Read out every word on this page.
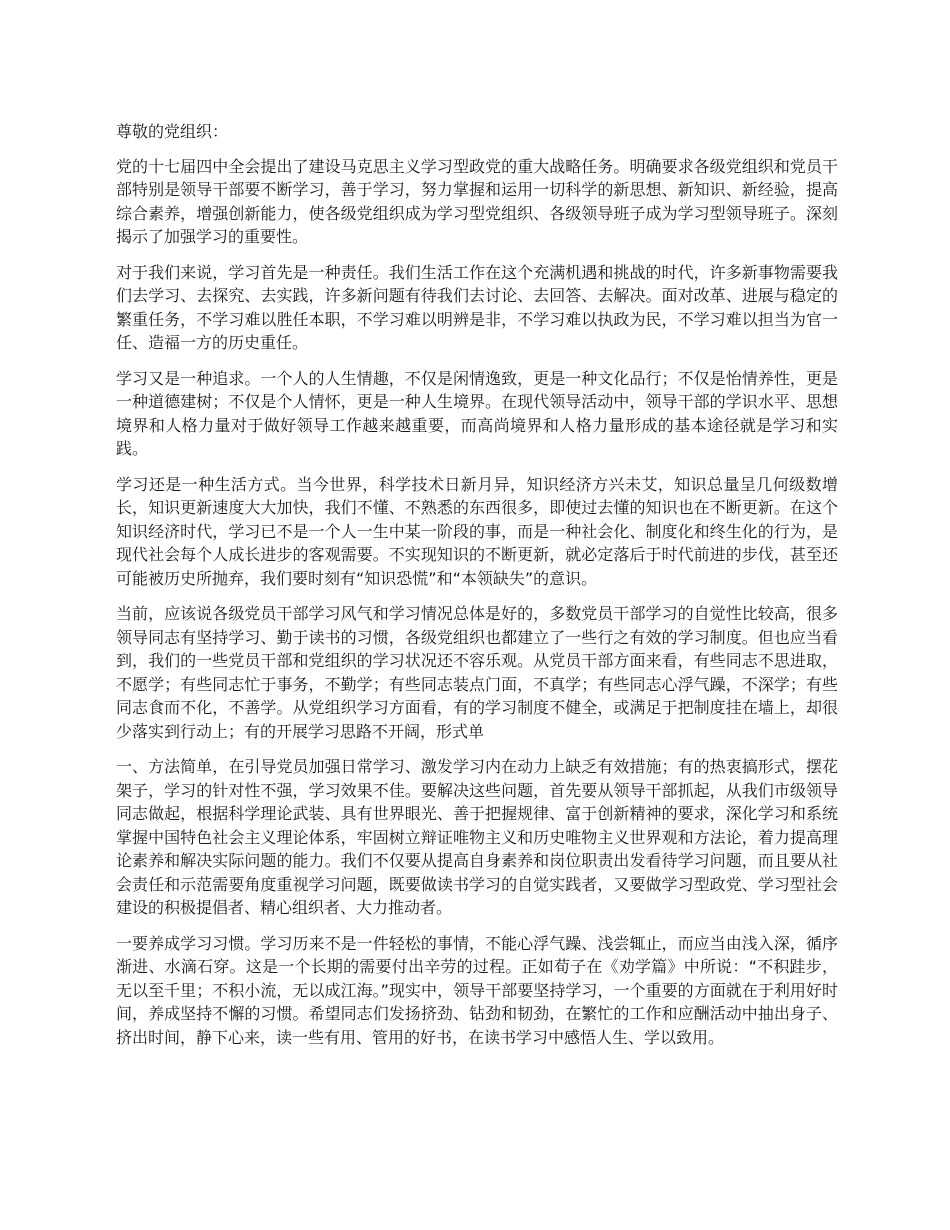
尊敬的党组织：

党的十七届四中全会提出了建设马克思主义学习型政党的重大战略任务。明确要求各级党组织和党员干部特别是领导干部要不断学习，善于学习，努力掌握和运用一切科学的新思想、新知识、新经验，提高综合素养，增强创新能力，使各级党组织成为学习型党组织、各级领导班子成为学习型领导班子。深刻揭示了加强学习的重要性。

对于我们来说，学习首先是一种责任。我们生活工作在这个充满机遇和挑战的时代，许多新事物需要我们去学习、去探究、去实践，许多新问题有待我们去讨论、去回答、去解决。面对改革、进展与稳定的繁重任务，不学习难以胜任本职，不学习难以明辨是非，不学习难以执政为民，不学习难以担当为官一任、造福一方的历史重任。

学习又是一种追求。一个人的人生情趣，不仅是闲情逸致，更是一种文化品行；不仅是怡情养性，更是一种道德建树；不仅是个人情怀，更是一种人生境界。在现代领导活动中，领导干部的学识水平、思想境界和人格力量对于做好领导工作越来越重要，而高尚境界和人格力量形成的基本途径就是学习和实践。

学习还是一种生活方式。当今世界，科学技术日新月异，知识经济方兴未艾，知识总量呈几何级数增长，知识更新速度大大加快，我们不懂、不熟悉的东西很多，即使过去懂的知识也在不断更新。在这个知识经济时代，学习已不是一个人一生中某一阶段的事，而是一种社会化、制度化和终生化的行为，是现代社会每个人成长进步的客观需要。不实现知识的不断更新，就必定落后于时代前进的步伐，甚至还可能被历史所抛弃，我们要时刻有“知识恐慌”和“本领缺失”的意识。

当前，应该说各级党员干部学习风气和学习情况总体是好的，多数党员干部学习的自觉性比较高，很多领导同志有坚持学习、勤于读书的习惯，各级党组织也都建立了一些行之有效的学习制度。但也应当看到，我们的一些党员干部和党组织的学习状况还不容乐观。从党员干部方面来看，有些同志不思进取，不愿学；有些同志忙于事务，不勤学；有些同志装点门面，不真学；有些同志心浮气躁，不深学；有些同志食而不化，不善学。从党组织学习方面看，有的学习制度不健全，或满足于把制度挂在墙上，却很少落实到行动上；有的开展学习思路不开阔，形式单

一、方法简单，在引导党员加强日常学习、激发学习内在动力上缺乏有效措施；有的热衷搞形式，摆花架子，学习的针对性不强，学习效果不佳。要解决这些问题，首先要从领导干部抓起，从我们市级领导同志做起，根据科学理论武装、具有世界眼光、善于把握规律、富于创新精神的要求，深化学习和系统掌握中国特色社会主义理论体系，牢固树立辩证唯物主义和历史唯物主义世界观和方法论，着力提高理论素养和解决实际问题的能力。我们不仅要从提高自身素养和岗位职责出发看待学习问题，而且要从社会责任和示范需要角度重视学习问题，既要做读书学习的自觉实践者，又要做学习型政党、学习型社会建设的积极提倡者、精心组织者、大力推动者。

一要养成学习习惯。学习历来不是一件轻松的事情，不能心浮气躁、浅尝辄止，而应当由浅入深，循序渐进、水滴石穿。这是一个长期的需要付出辛劳的过程。正如荀子在《劝学篇》中所说：“不积跬步，无以至千里；不积小流，无以成江海。”现实中，领导干部要坚持学习，一个重要的方面就在于利用好时间，养成坚持不懈的习惯。希望同志们发扬挤劲、钻劲和韧劲，在繁忙的工作和应酬活动中抽出身子、挤出时间，静下心来，读一些有用、管用的好书，在读书学习中感悟人生、学以致用。
